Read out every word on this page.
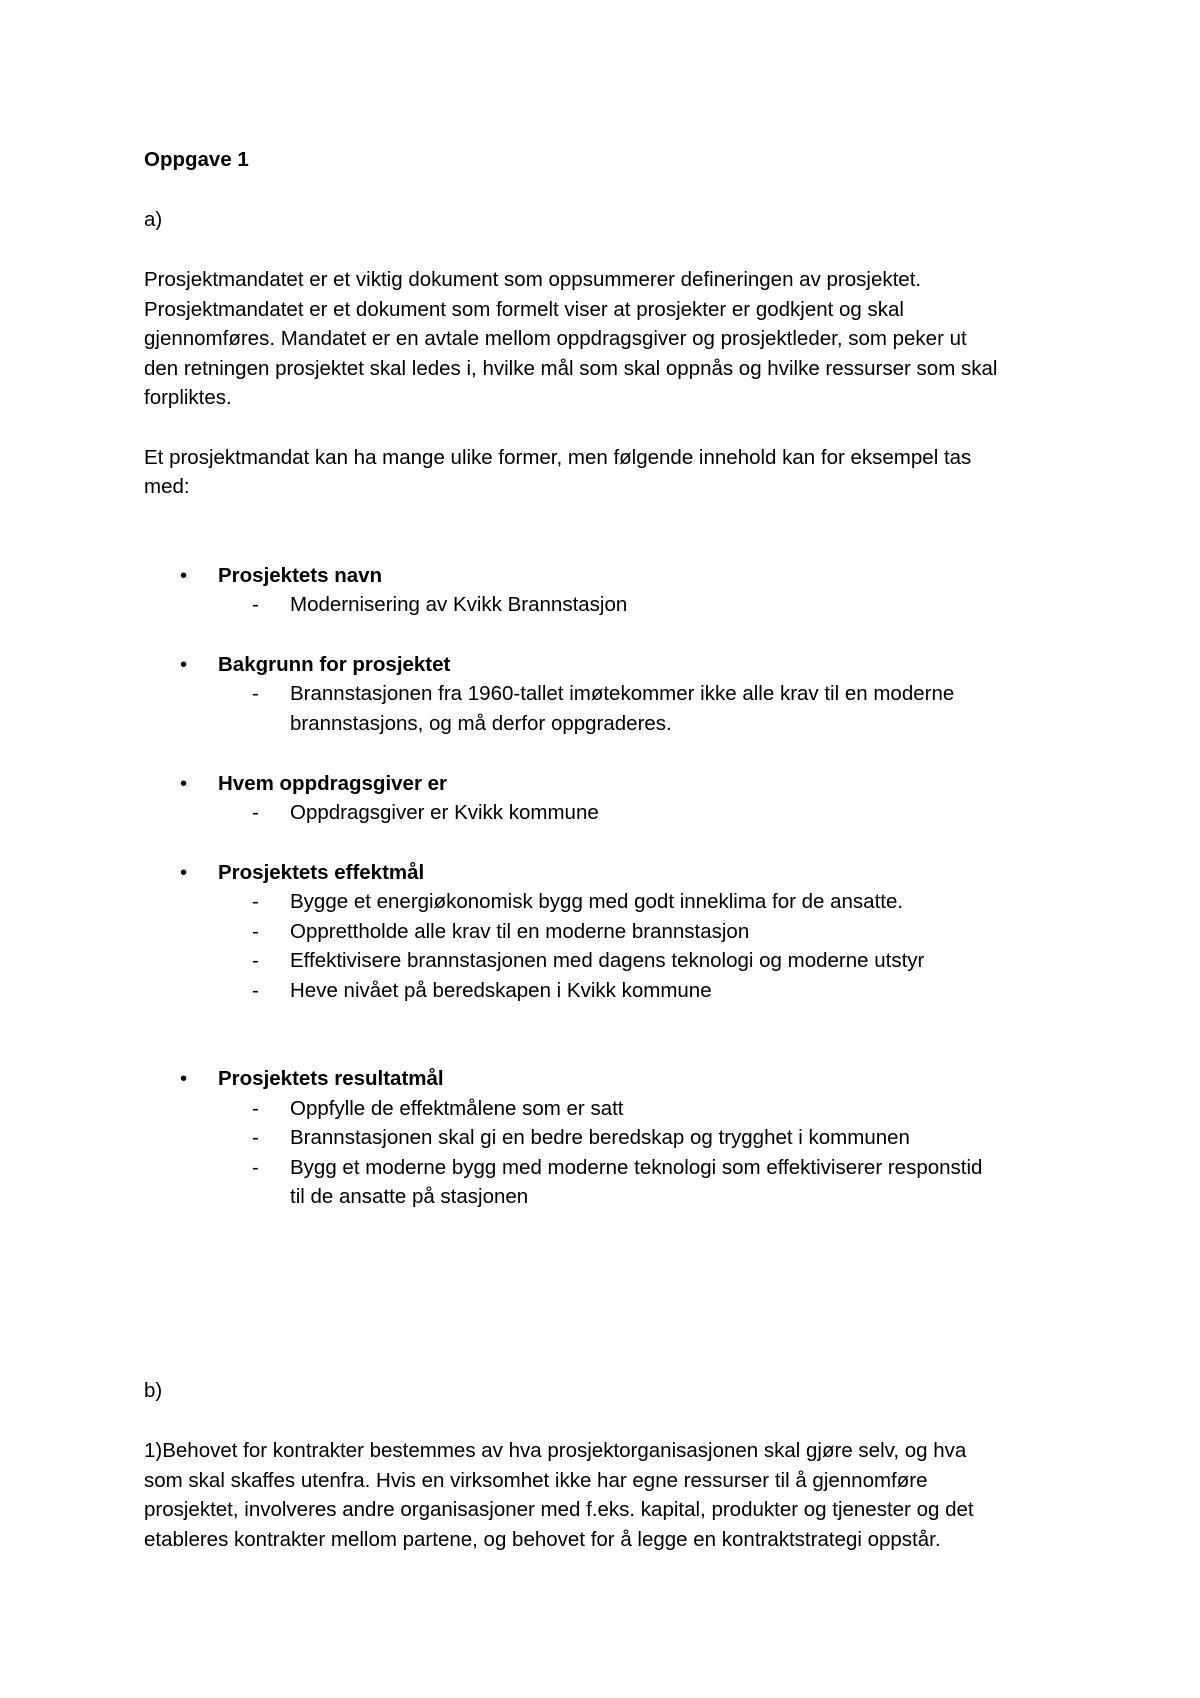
Oppgave 1
a)
Prosjektmandatet er et viktig dokument som oppsummerer defineringen av prosjektet.
Prosjektmandatet er et dokument som formelt viser at prosjekter er godkjent og skal
gjennomføres. Mandatet er en avtale mellom oppdragsgiver og prosjektleder, som peker ut
den retningen prosjektet skal ledes i, hvilke mål som skal oppnås og hvilke ressurser som skal
forpliktes.
Et prosjektmandat kan ha mange ulike former, men følgende innehold kan for eksempel tas
med:
•	Prosjektets navn
- Modernisering av Kvikk Brannstasjon
•	Bakgrunn for prosjektet
- Brannstasjonen fra 1960-tallet imøtekommer ikke alle krav til en moderne
brannstasjons, og må derfor oppgraderes.
•	Hvem oppdragsgiver er
- Oppdragsgiver er Kvikk kommune
•	Prosjektets effektmål
- Bygge et energiøkonomisk bygg med godt inneklima for de ansatte.
- Opprettholde alle krav til en moderne brannstasjon
- Effektivisere brannstasjonen med dagens teknologi og moderne utstyr
- Heve nivået på beredskapen i Kvikk kommune
•	Prosjektets resultatmål
- Oppfylle de effektmålene som er satt
- Brannstasjonen skal gi en bedre beredskap og trygghet i kommunen
- Bygg et moderne bygg med moderne teknologi som effektiviserer responstid
til de ansatte på stasjonen
b)
1)Behovet for kontrakter bestemmes av hva prosjektorganisasjonen skal gjøre selv, og hva
som skal skaffes utenfra. Hvis en virksomhet ikke har egne ressurser til å gjennomføre
prosjektet, involveres andre organisasjoner med f.eks. kapital, produkter og tjenester og det
etableres kontrakter mellom partene, og behovet for å legge en kontraktstrategi oppstår.
